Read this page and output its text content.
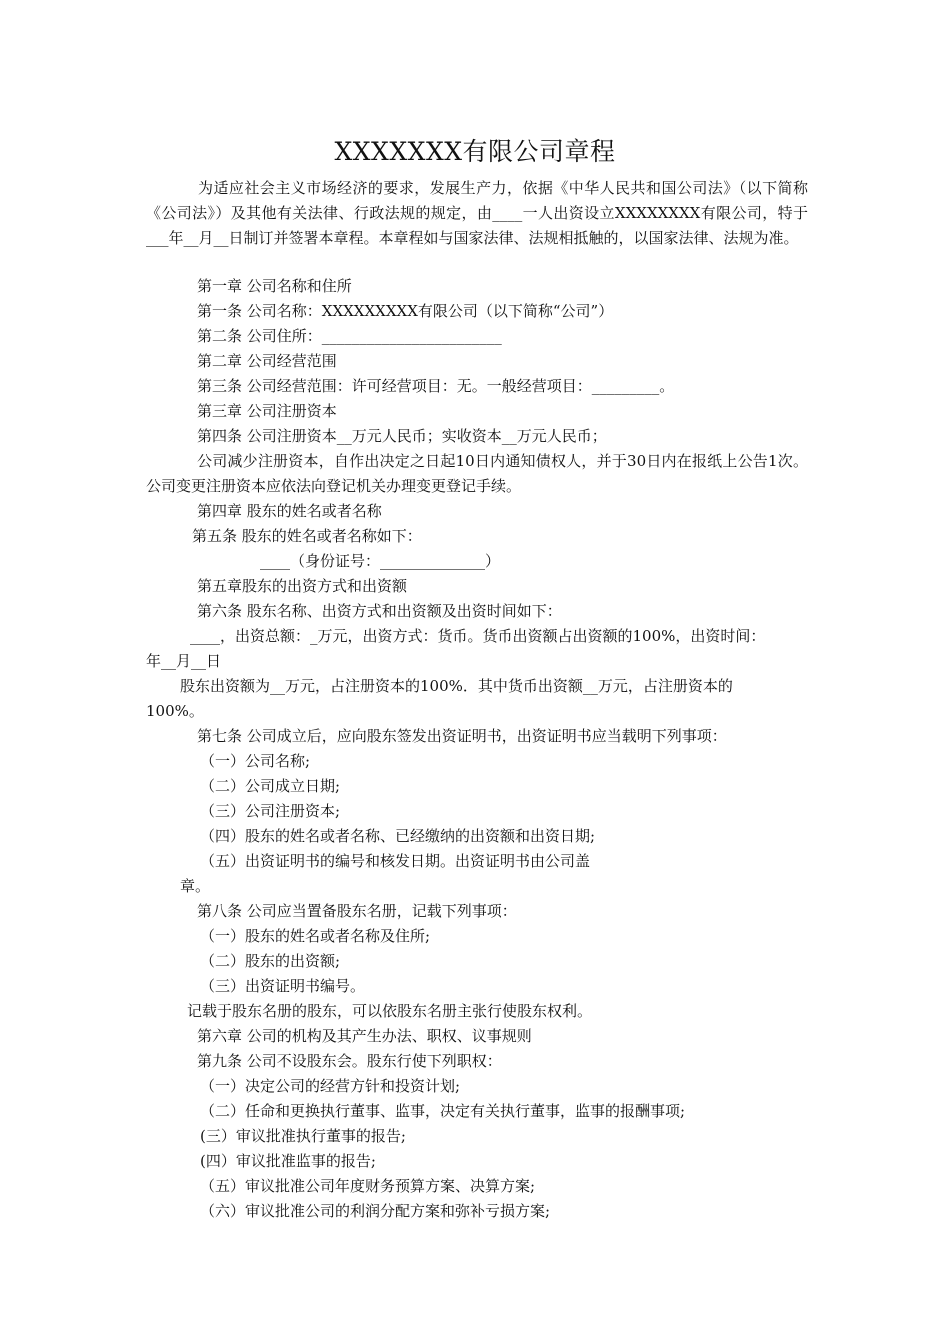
XXXXXXX有限公司章程
为适应社会主义市场经济的要求，发展生产力，依据《中华人民共和国公司法》（以下简称《公司法》）及其他有关法律、行政法规的规定，由____一人出资设立XXXXXXXX有限公司，特于___年__月__日制订并签署本章程。本章程如与国家法律、法规相抵触的，以国家法律、法规为准。
第一章 公司名称和住所
第一条 公司名称：XXXXXXXXX有限公司（以下简称“公司”）
第二条 公司住所：________________________
第二章 公司经营范围
第三条 公司经营范围：许可经营项目：无。一般经营项目：_________。
第三章 公司注册资本
第四条 公司注册资本__万元人民币；实收资本__万元人民币；
公司减少注册资本，自作出决定之日起10日内通知债权人，并于30日内在报纸上公告1次。公司变更注册资本应依法向登记机关办理变更登记手续。
第四章 股东的姓名或者名称
第五条 股东的姓名或者名称如下：
____（身份证号：______________）
第五章股东的出资方式和出资额
第六条 股东名称、出资方式和出资额及出资时间如下：
____，出资总额：_万元，出资方式：货币。货币出资额占出资额的100%，出资时间：
年__月__日
股东出资额为__万元，占注册资本的100%．其中货币出资额__万元，占注册资本的
100%。
第七条 公司成立后，应向股东签发出资证明书，出资证明书应当载明下列事项：
（一）公司名称;
（二）公司成立日期;
（三）公司注册资本;
（四）股东的姓名或者名称、已经缴纳的出资额和出资日期;
（五）出资证明书的编号和核发日期。出资证明书由公司盖
章。
第八条 公司应当置备股东名册，记载下列事项：
（一）股东的姓名或者名称及住所;
（二）股东的出资额;
（三）出资证明书编号。
记载于股东名册的股东，可以依股东名册主张行使股东权利。
第六章 公司的机构及其产生办法、职权、议事规则
第九条 公司不设股东会。股东行使下列职权：
（一）决定公司的经营方针和投资计划;
（二）任命和更换执行董事、监事，决定有关执行董事，监事的报酬事项;
(三）审议批准执行董事的报告;
(四）审议批准监事的报告;
（五）审议批准公司年度财务预算方案、决算方案;
（六）审议批准公司的利润分配方案和弥补亏损方案;
